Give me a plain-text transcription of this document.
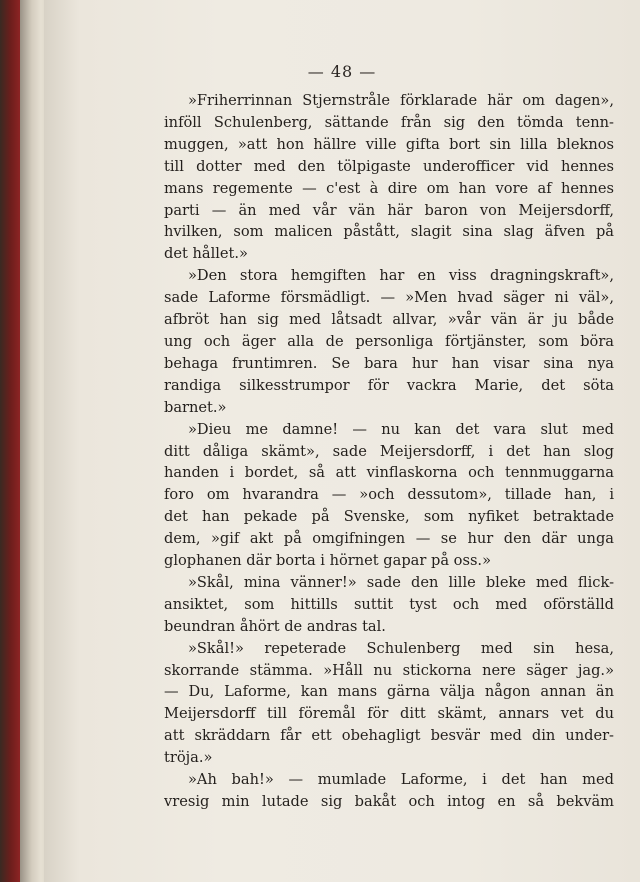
— 48 —
»Friherrinnan Stjernstråle förklarade här om dagen»,
inföll Schulenberg, sättande från sig den tömda tenn-
muggen, »att hon hällre ville gifta bort sin lilla bleknos
till dotter med den tölpigaste underofficer vid hennes
mans regemente — c'est à dire om han vore af hennes
parti — än med vår vän här baron von Meijersdorff,
hvilken, som malicen påstått, slagit sina slag äfven på
det hållet.»
»Den stora hemgiften har en viss dragningskraft»,
sade Laforme försmädligt. — »Men hvad säger ni väl»,
afbröt han sig med låtsadt allvar, »vår vän är ju både
ung och äger alla de personliga förtjänster, som böra
behaga fruntimren. Se bara hur han visar sina nya
randiga silkesstrumpor för vackra Marie, det söta
barnet.»
»Dieu me damne! — nu kan det vara slut med
ditt dåliga skämt», sade Meijersdorff, i det han slog
handen i bordet, så att vinflaskorna och tennmuggarna
foro om hvarandra — »och dessutom», tillade han, i
det han pekade på Svenske, som nyfiket betraktade
dem, »gif akt på omgifningen — se hur den där unga
glophanen där borta i hörnet gapar på oss.»
»Skål, mina vänner!» sade den lille bleke med flick-
ansiktet, som hittills suttit tyst och med oförställd
beundran åhört de andras tal.
»Skål!» repeterade Schulenberg med sin hesa,
skorrande stämma. »Håll nu stickorna nere säger jag.»
— Du, Laforme, kan mans gärna välja någon annan än
Meijersdorff till föremål för ditt skämt, annars vet du
att skräddarn får ett obehagligt besvär med din under-
tröja.»
»Ah bah!» — mumlade Laforme, i det han med
vresig min lutade sig bakåt och intog en så bekväm
